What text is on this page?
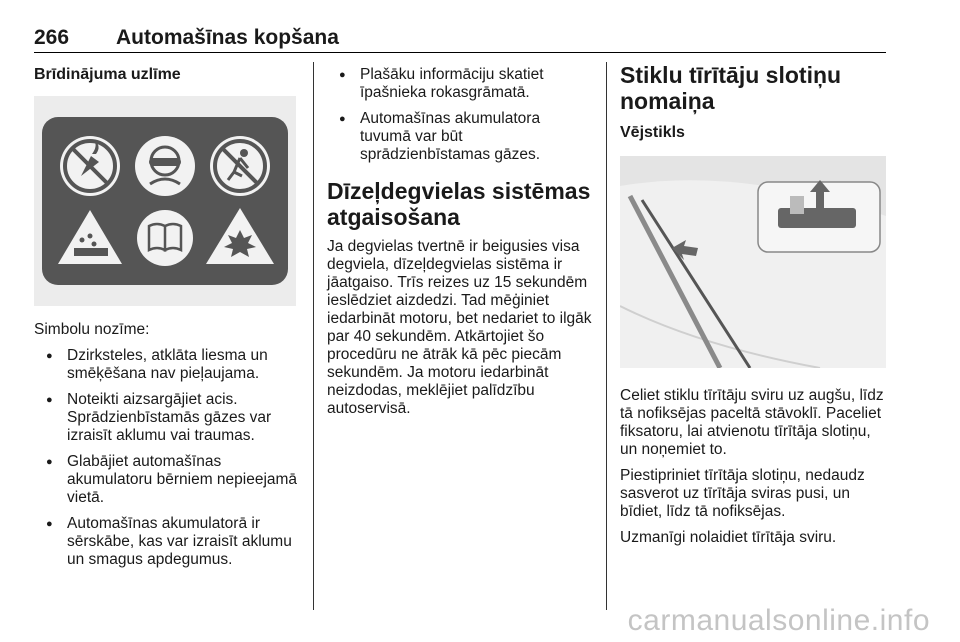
266 Automašīnas kopšana
Brīdinājuma uzlīme

Simbolu nozīme:

● Dzirksteles, atklāta liesma un smēķēšana nav pieļaujama.
● Noteikti aizsargājiet acis. Sprādzienbīstamās gāzes var izraisīt aklumu vai traumas.
● Glabājiet automašīnas akumulatoru bērniem nepieejamā vietā.
● Automašīnas akumulatorā ir sērskābe, kas var izraisīt aklumu un smagus apdegumus.
● Plašāku informāciju skatiet īpašnieka rokasgrāmatā.
● Automašīnas akumulatora tuvumā var būt sprādzienbīstamas gāzes.
Dīzeļdegvielas sistēmas atgaisošana

Ja degvielas tvertnē ir beigusies visa degviela, dīzeļdegvielas sistēma ir jāatgaiso. Trīs reizes uz 15 sekundēm ieslēdziet aizdedzi. Tad mēģiniet iedarbināt motoru, bet nedariet to ilgāk par 40 sekundēm. Atkārtojiet šo procedūru ne ātrāk kā pēc piecām sekundēm. Ja motoru iedarbināt neizdodas, meklējiet palīdzību autoservisā.

Stiklu tīrītāju slotiņu nomaiņa
Vējstikls

Celiet stiklu tīrītāju sviru uz augšu, līdz tā nofiksējas paceltā stāvoklī. Paceliet fiksatoru, lai atvienotu tīrītāja slotiņu, un noņemiet to.

Piestipriniet tīrītāja slotiņu, nedaudz sasverot uz tīrītāja sviras pusi, un bīdiet, līdz tā nofiksējas.

Uzmanīgi nolaidiet tīrītāja sviru.

carmanualsonline.info
